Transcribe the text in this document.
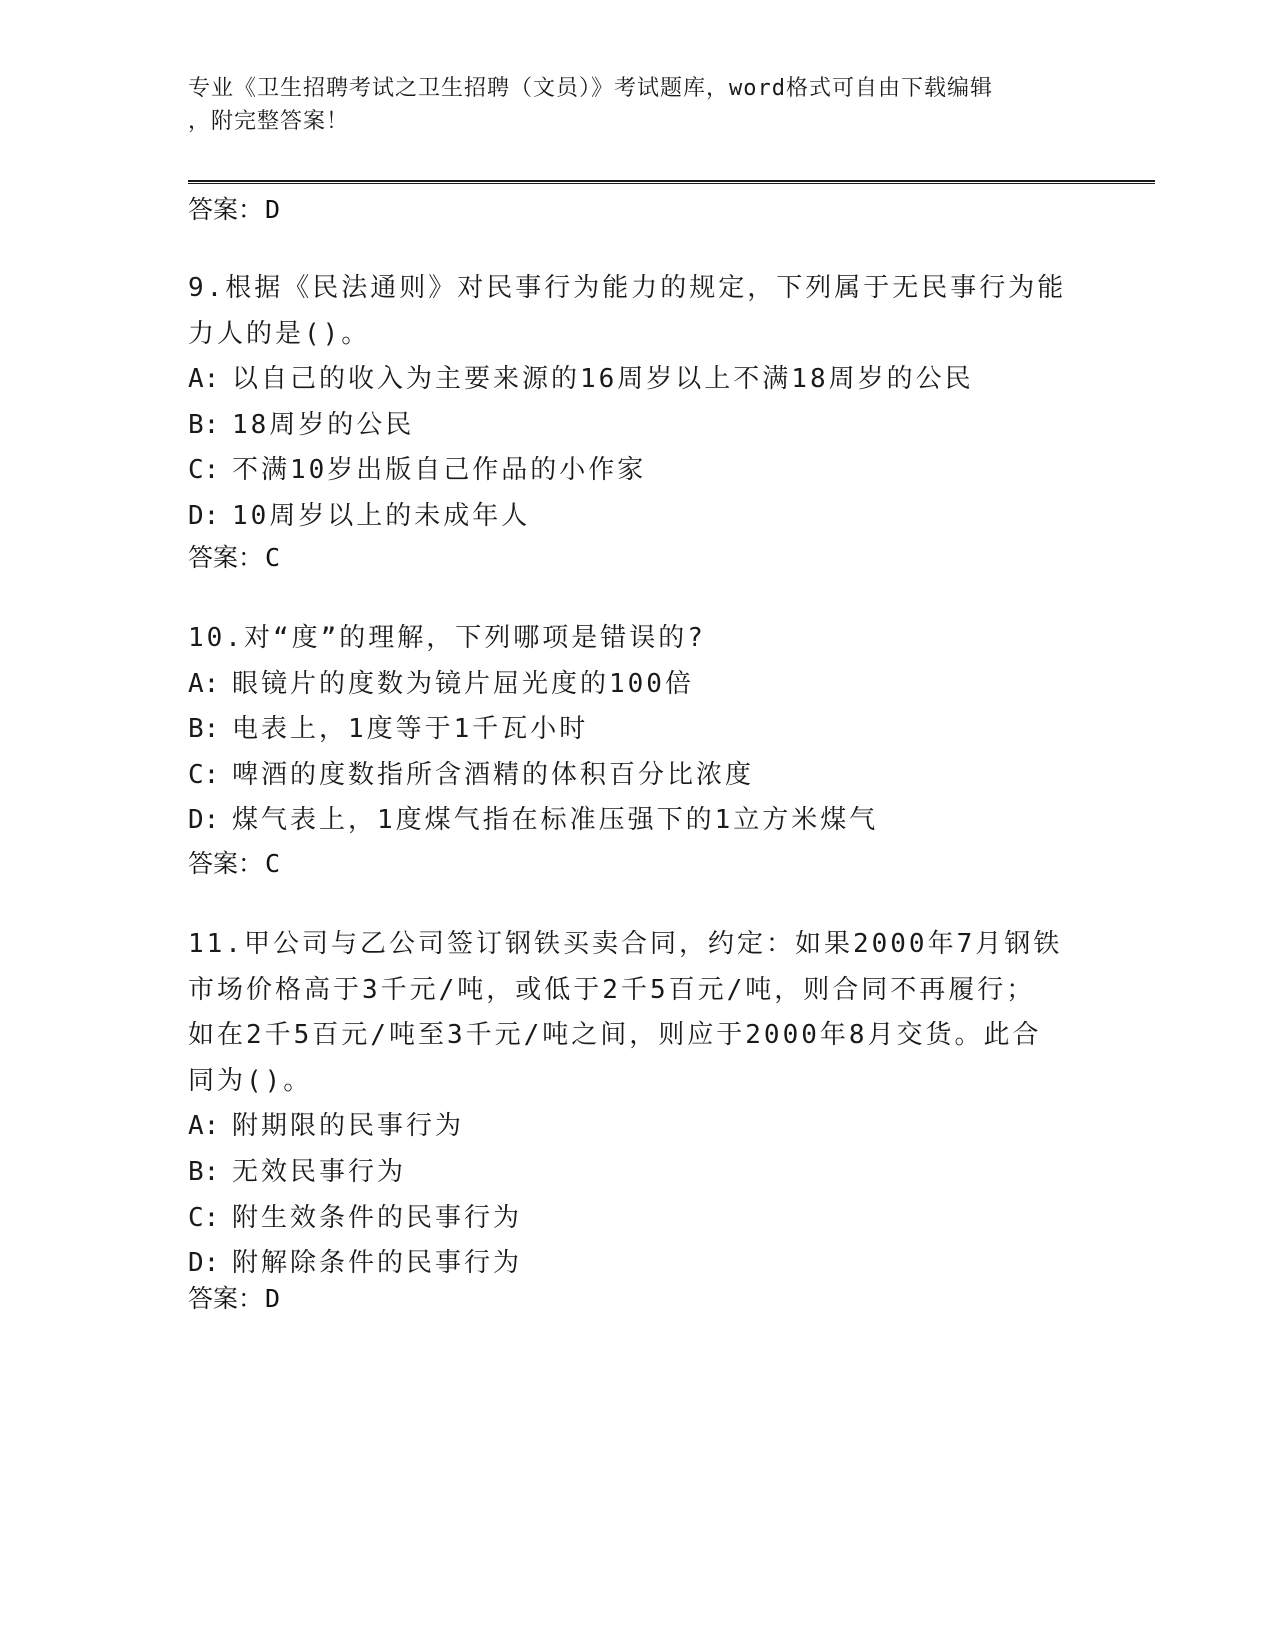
专业《卫生招聘考试之卫生招聘（文员）》考试题库，word格式可自由下载编辑
，附完整答案！
答案：D
9.根据《民法通则》对民事行为能力的规定，下列属于无民事行为能
力人的是()。
A: 以自己的收入为主要来源的16周岁以上不满18周岁的公民
B: 18周岁的公民
C: 不满10岁出版自己作品的小作家
D: 10周岁以上的未成年人
答案：C
10.对“度”的理解，下列哪项是错误的?
A: 眼镜片的度数为镜片屈光度的100倍
B: 电表上，1度等于1千瓦小时
C: 啤酒的度数指所含酒精的体积百分比浓度
D: 煤气表上，1度煤气指在标准压强下的1立方米煤气
答案：C
11.甲公司与乙公司签订钢铁买卖合同，约定：如果2000年7月钢铁
市场价格高于3千元/吨，或低于2千5百元/吨，则合同不再履行；
如在2千5百元/吨至3千元/吨之间，则应于2000年8月交货。此合
同为()。
A: 附期限的民事行为
B: 无效民事行为
C: 附生效条件的民事行为
D: 附解除条件的民事行为
答案：D
